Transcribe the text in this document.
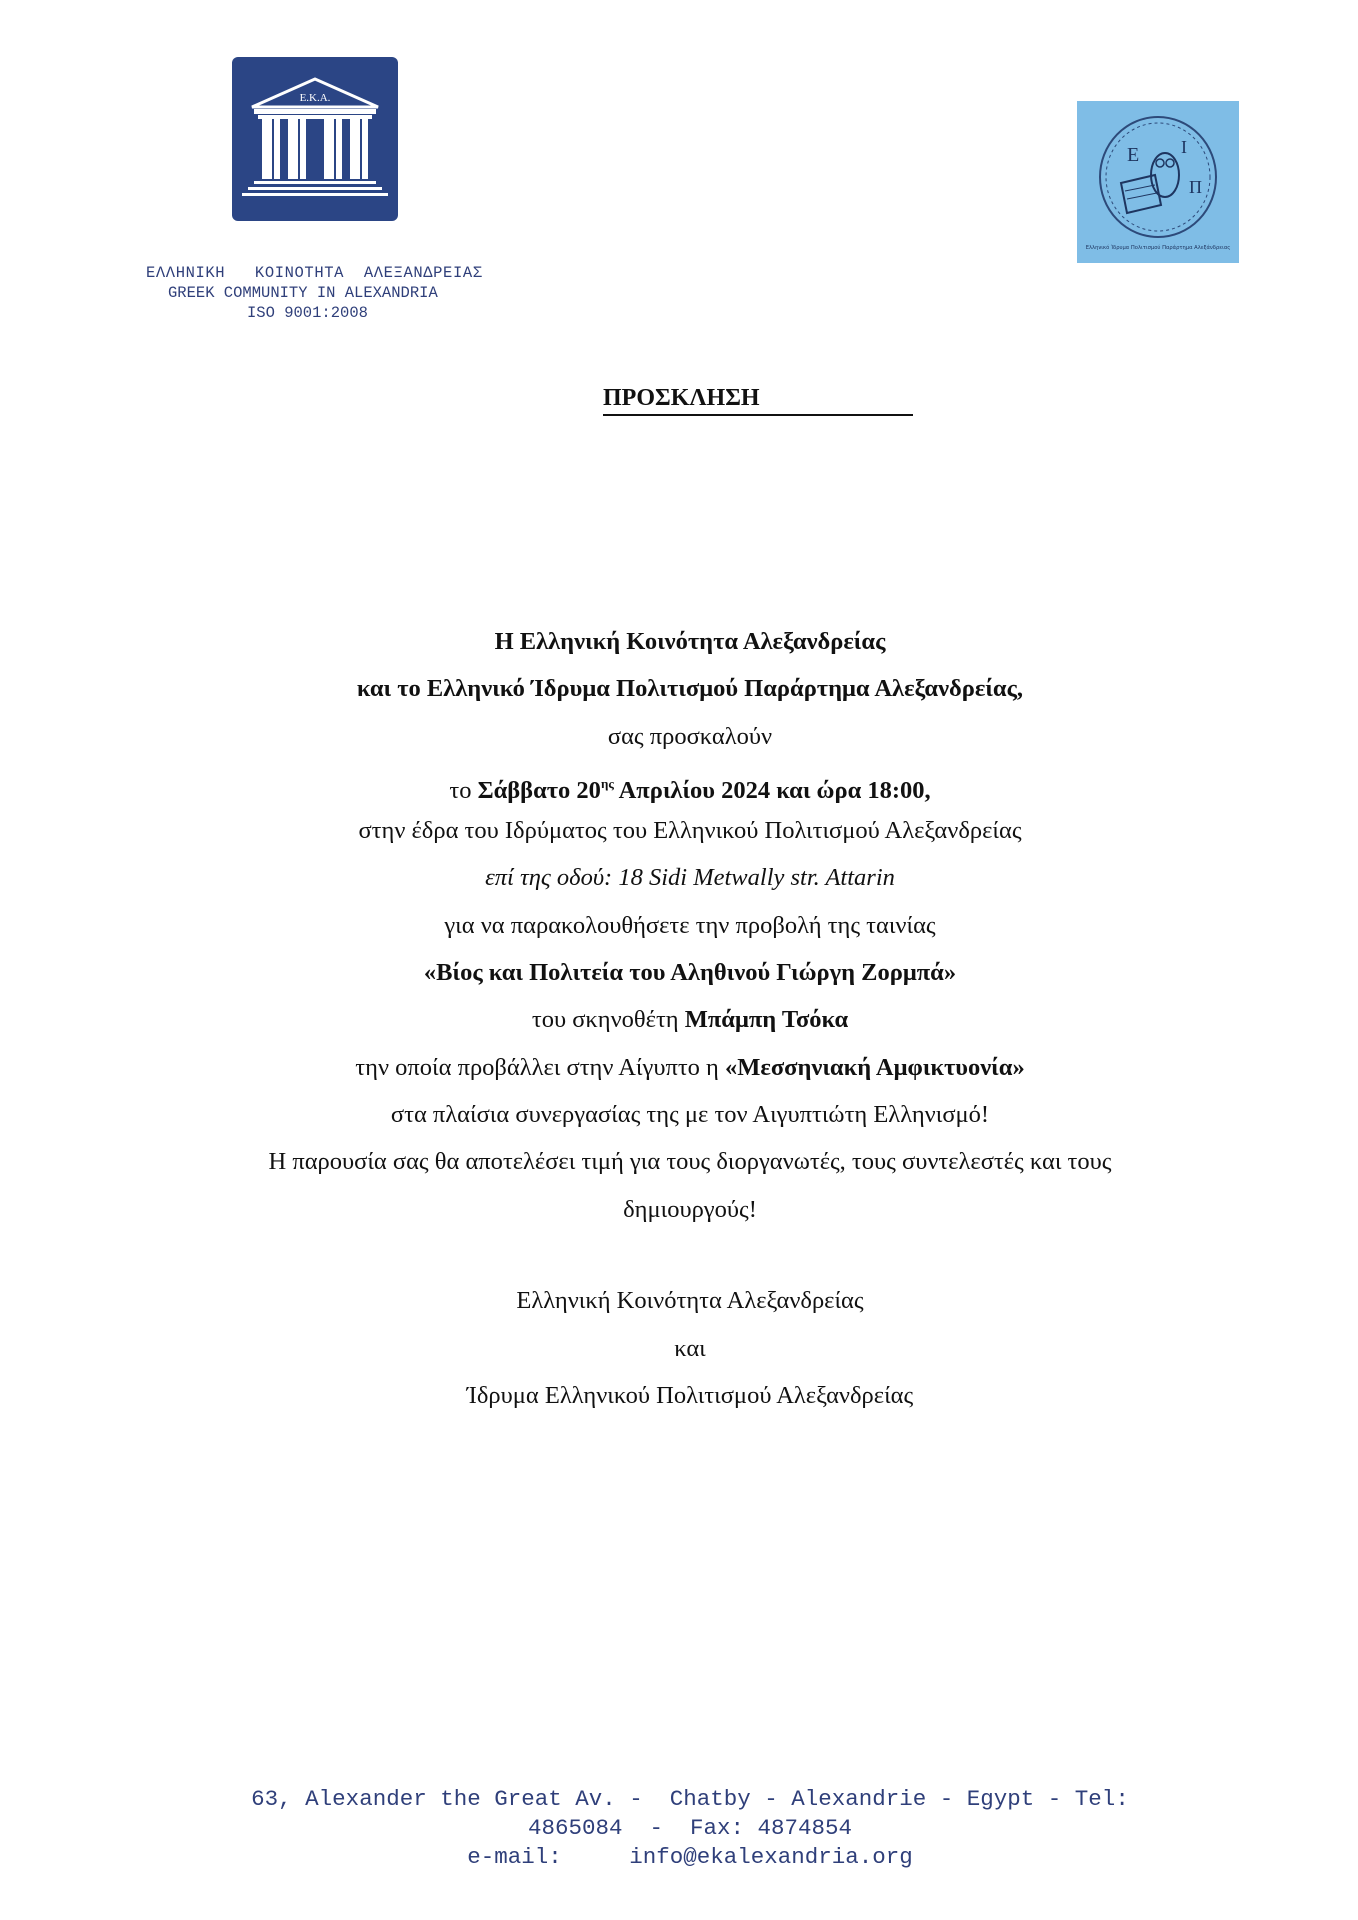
E.K.A.
Ε Ι
Π
Ελληνικό Ίδρυμα Πολιτισμού Παράρτημα Αλεξάνδρειας
ΕΛΛΗΝΙΚΗ   ΚΟΙΝΟΤΗΤΑ  ΑΛΕΞΑΝΔΡΕΙΑΣ
GREEK COMMUNITY IN ALEXANDRIA
ISO 9001:2008
ΠΡΟΣΚΛΗΣΗ
Η Ελληνική Κοινότητα Αλεξανδρείας
και το Ελληνικό Ίδρυμα Πολιτισμού Παράρτημα Αλεξανδρείας,
σας προσκαλούν
το Σάββατο $20^{\eta\varsigma}$ Απριλίου 2024 και ώρα 18:00,
στην έδρα του Ιδρύματος του Ελληνικού Πολιτισμού Αλεξανδρείας
επί της οδού: 18 Sidi Metwally str. Attarin
για να παρακολουθήσετε την προβολή της ταινίας
«Βίος και Πολιτεία του Αληθινού Γιώργη Ζορμπά»
του σκηνοθέτη Μπάμπη Τσόκα
την οποία προβάλλει στην Αίγυπτο η «Μεσσηνιακή Αμφικτυονία»
στα πλαίσια συνεργασίας της με τον Αιγυπτιώτη Ελληνισμό!
Η παρουσία σας θα αποτελέσει τιμή για τους διοργανωτές, τους συντελεστές και τους
δημιουργούς!
Ελληνική Κοινότητα Αλεξανδρείας
και
Ίδρυμα Ελληνικού Πολιτισμού Αλεξανδρείας
63, Alexander the Great Av. -  Chatby - Alexandrie - Egypt - Tel:
4865084  -  Fax: 4874854
e-mail:     info@ekalexandria.org
